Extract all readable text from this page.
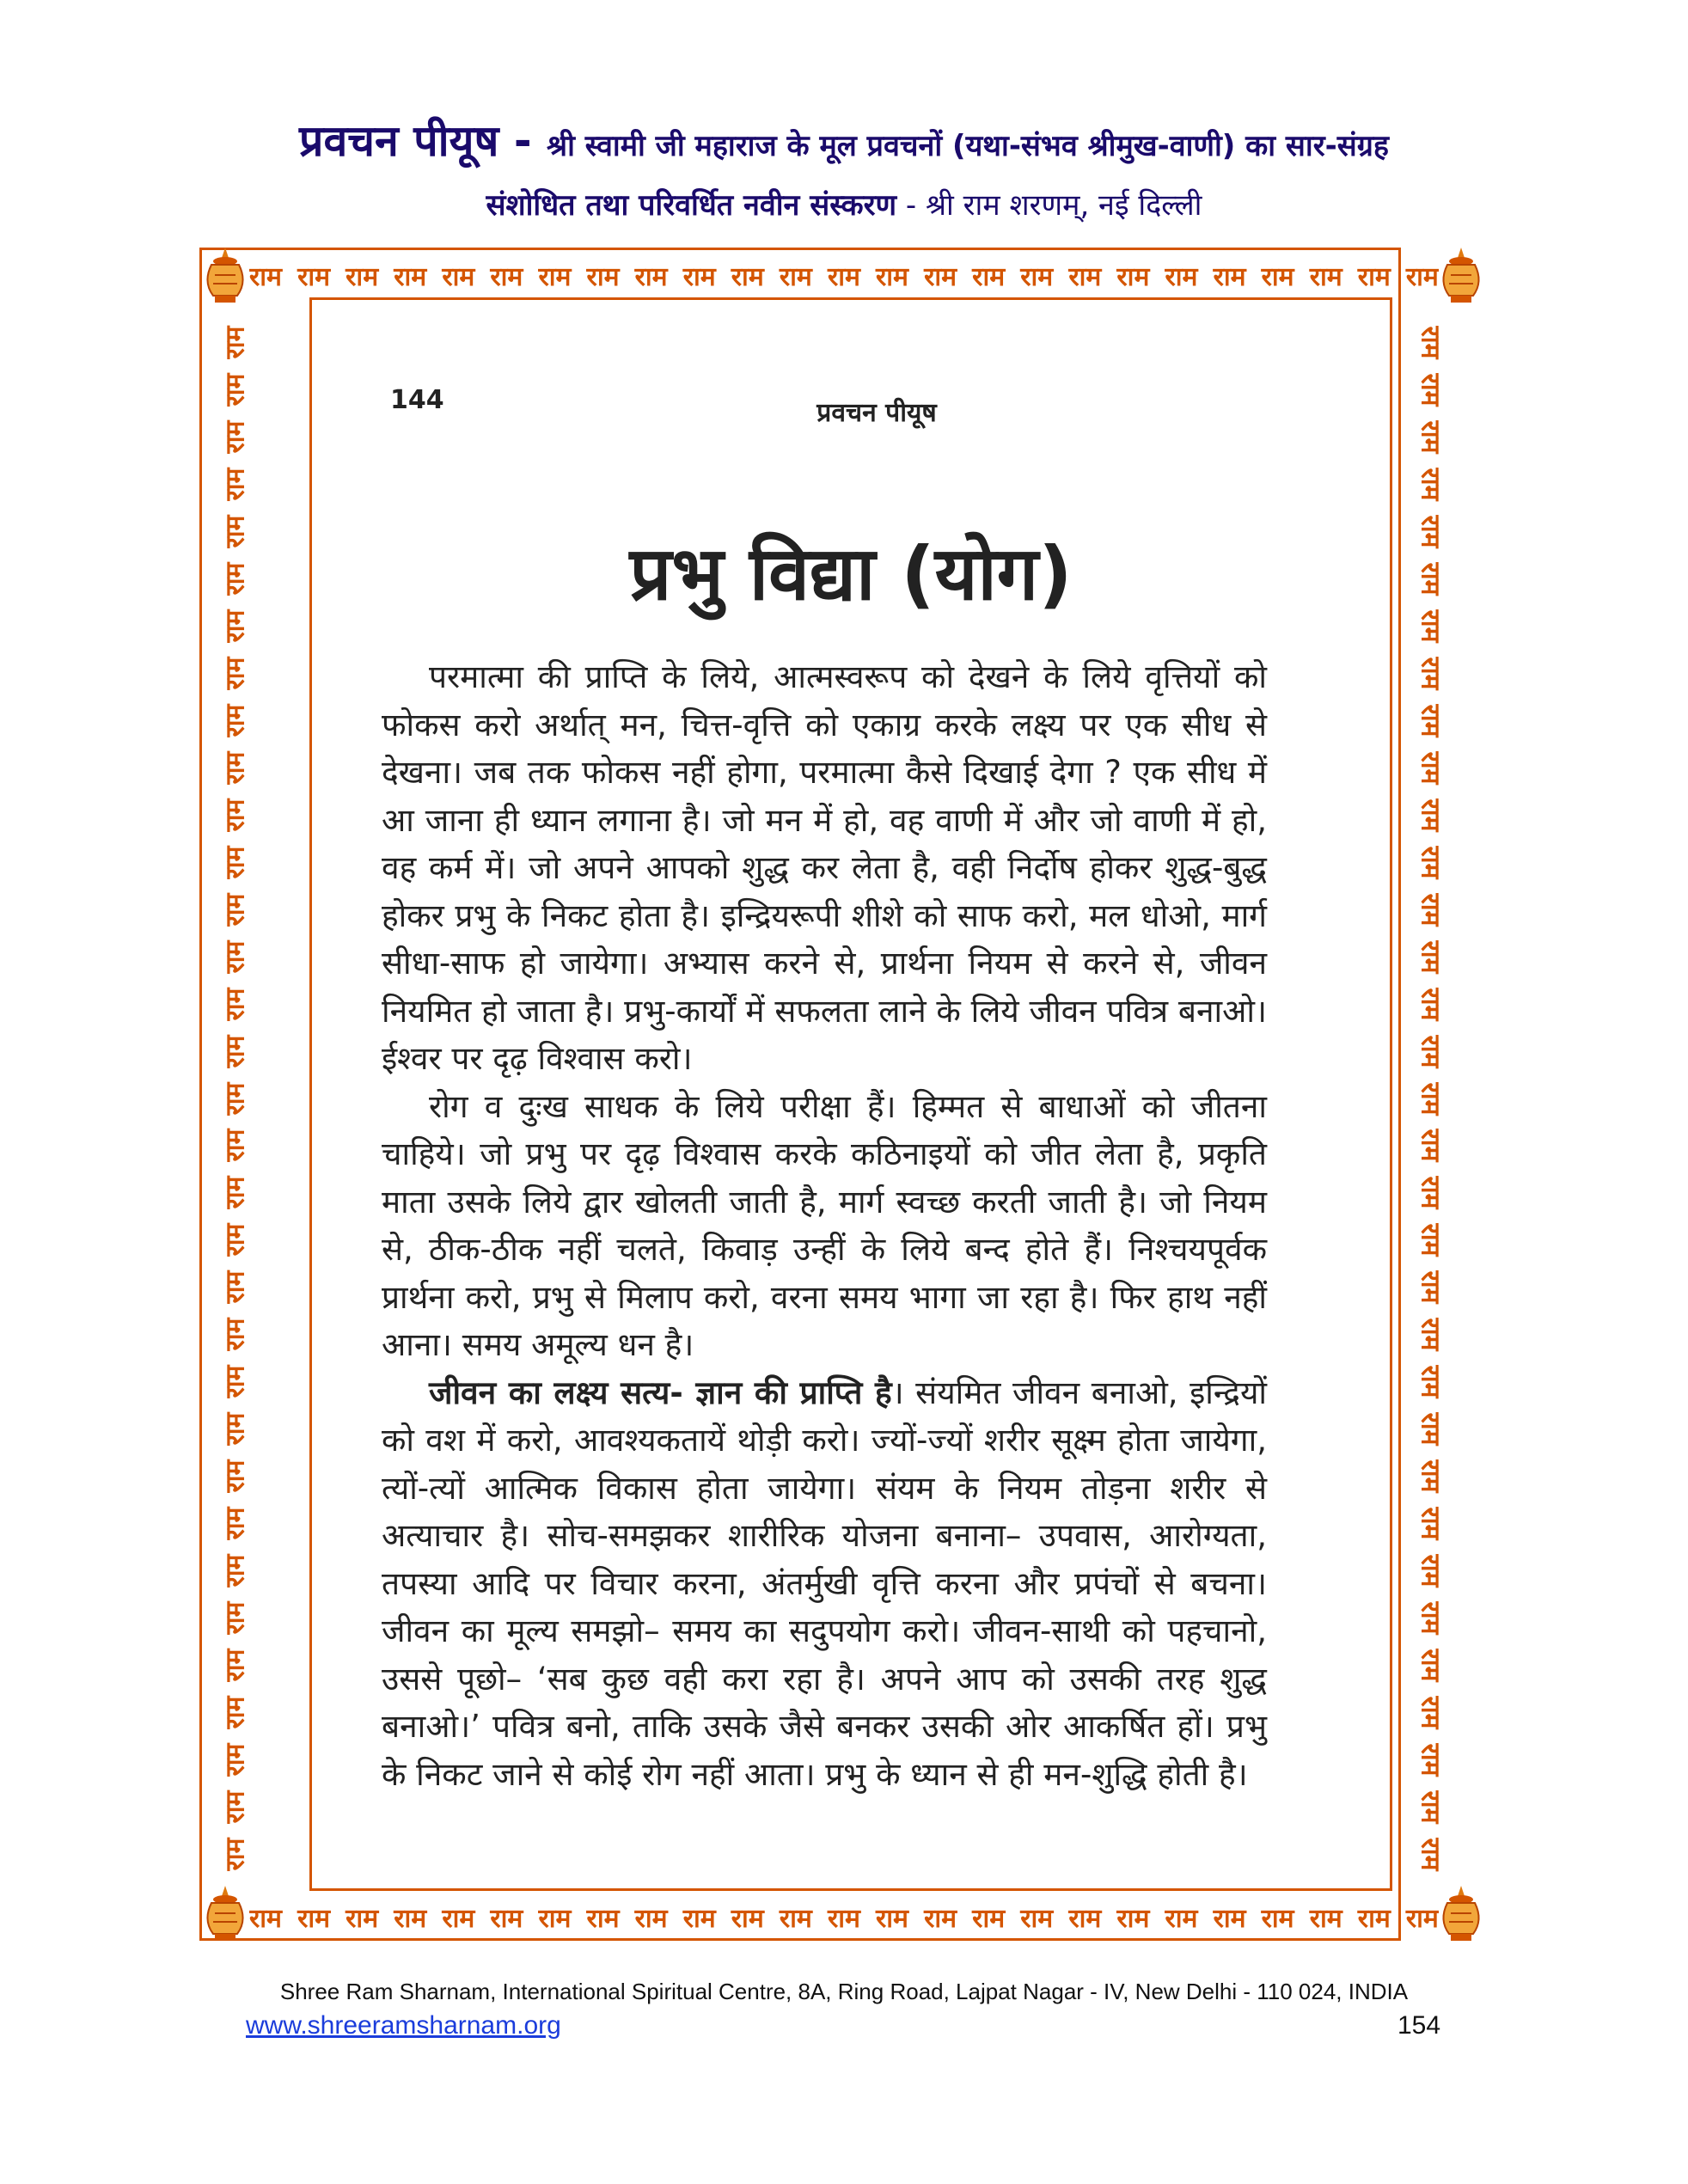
प्रवचन पीयूष - श्री स्वामी जी महाराज के मूल प्रवचनों (यथा-संभव श्रीमुख-वाणी) का सार-संग्रह
संशोधित तथा परिवर्धित नवीन संस्करण - श्री राम शरणम्, नई दिल्ली
राम राम राम राम राम राम राम राम राम राम राम राम राम राम राम राम राम राम राम राम राम राम राम राम राम
राम राम राम राम राम राम राम राम राम राम राम राम राम राम राम राम राम राम राम राम राम राम राम राम राम
राम
राम
राम
राम
राम
राम
राम
राम
राम
राम
राम
राम
राम
राम
राम
राम
राम
राम
राम
राम
राम
राम
राम
राम
राम
राम
राम
राम
राम
राम
राम
राम
राम
राम
राम
राम
राम
राम
राम
राम
राम
राम
राम
राम
राम
राम
राम
राम
राम
राम
राम
राम
राम
राम
राम
राम
राम
राम
राम
राम
राम
राम
राम
राम
राम
राम
144	प्रवचन पीयूष
प्रभु विद्या (योग)

परमात्मा की प्राप्ति के लिये, आत्मस्वरूप को देखने के लिये वृत्तियों को फोकस करो अर्थात् मन, चित्त-वृत्ति को एकाग्र करके लक्ष्य पर एक सीध से देखना। जब तक फोकस नहीं होगा, परमात्मा कैसे दिखाई देगा ? एक सीध में आ जाना ही ध्यान लगाना है। जो मन में हो, वह वाणी में और जो वाणी में हो, वह कर्म में। जो अपने आपको शुद्ध कर लेता है, वही निर्दोष होकर शुद्ध-बुद्ध होकर प्रभु के निकट होता है। इन्द्रियरूपी शीशे को साफ करो, मल धोओ, मार्ग सीधा-साफ हो जायेगा। अभ्यास करने से, प्रार्थना नियम से करने से, जीवन नियमित हो जाता है। प्रभु-कार्यों में सफलता लाने के लिये जीवन पवित्र बनाओ। ईश्वर पर दृढ़ विश्वास करो।

रोग व दुःख साधक के लिये परीक्षा हैं। हिम्मत से बाधाओं को जीतना चाहिये। जो प्रभु पर दृढ़ विश्वास करके कठिनाइयों को जीत लेता है, प्रकृति माता उसके लिये द्वार खोलती जाती है, मार्ग स्वच्छ करती जाती है। जो नियम से, ठीक-ठीक नहीं चलते, किवाड़ उन्हीं के लिये बन्द होते हैं। निश्चयपूर्वक प्रार्थना करो, प्रभु से मिलाप करो, वरना समय भागा जा रहा है। फिर हाथ नहीं आना। समय अमूल्य धन है।

जीवन का लक्ष्य सत्य- ज्ञान की प्राप्ति है। संयमित जीवन बनाओ, इन्द्रियों को वश में करो, आवश्यकतायें थोड़ी करो। ज्यों-ज्यों शरीर सूक्ष्म होता जायेगा, त्यों-त्यों आत्मिक विकास होता जायेगा। संयम के नियम तोड़ना शरीर से अत्याचार है। सोच-समझकर शारीरिक योजना बनाना– उपवास, आरोग्यता, तपस्या आदि पर विचार करना, अंतर्मुखी वृत्ति करना और प्रपंचों से बचना। जीवन का मूल्य समझो– समय का सदुपयोग करो। जीवन-साथी को पहचानो, उससे पूछो– ‘सब कुछ वही करा रहा है। अपने आप को उसकी तरह शुद्ध बनाओ।’ पवित्र बनो, ताकि उसके जैसे बनकर उसकी ओर आकर्षित हों। प्रभु के निकट जाने से कोई रोग नहीं आता। प्रभु के ध्यान से ही मन-शुद्धि होती है।

Shree Ram Sharnam, International Spiritual Centre, 8A, Ring Road, Lajpat Nagar - IV, New Delhi - 110 024, INDIA
www.shreeramsharnam.org	154
